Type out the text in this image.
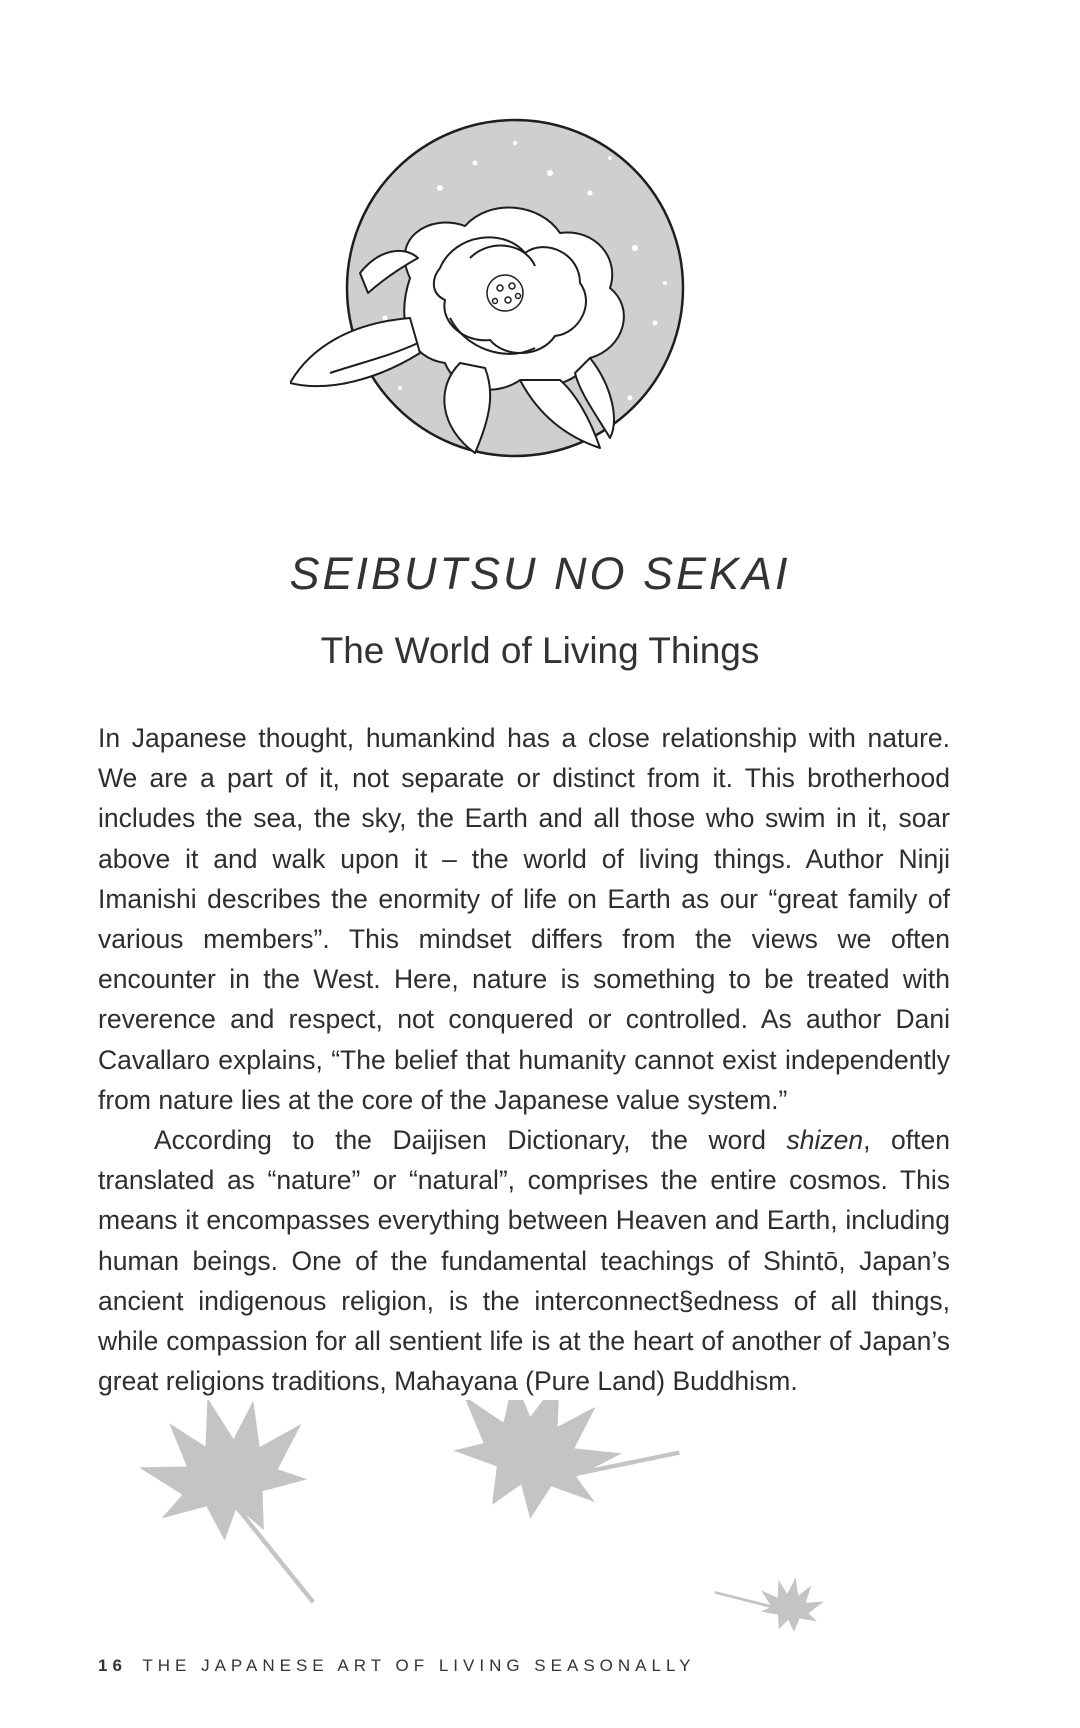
SEIBUTSU NO SEKAI
The World of Living Things

In Japanese thought, humankind has a close relationship with nature. We are a part of it, not separate or distinct from it. This brotherhood includes the sea, the sky, the Earth and all those who swim in it, soar above it and walk upon it – the world of living things. Author Ninji Imanishi describes the enormity of life on Earth as our “great family of various members”. This mindset differs from the views we often encounter in the West. Here, nature is something to be treated with reverence and respect, not conquered or controlled. As author Dani Cavallaro explains, “The belief that humanity cannot exist independently from nature lies at the core of the Japanese value system.”

According to the Daijisen Dictionary, the word shizen, often translated as “nature” or “natural”, comprises the entire cosmos. This means it encompasses everything between Heaven and Earth, including human beings. One of the fundamental teachings of Shintō, Japan’s ancient indigenous religion, is the interconnect§edness of all things, while compassion for all sentient life is at the heart of another of Japan’s great religions traditions, Mahayana (Pure Land) Buddhism.

16 THE JAPANESE ART OF LIVING SEASONALLY
